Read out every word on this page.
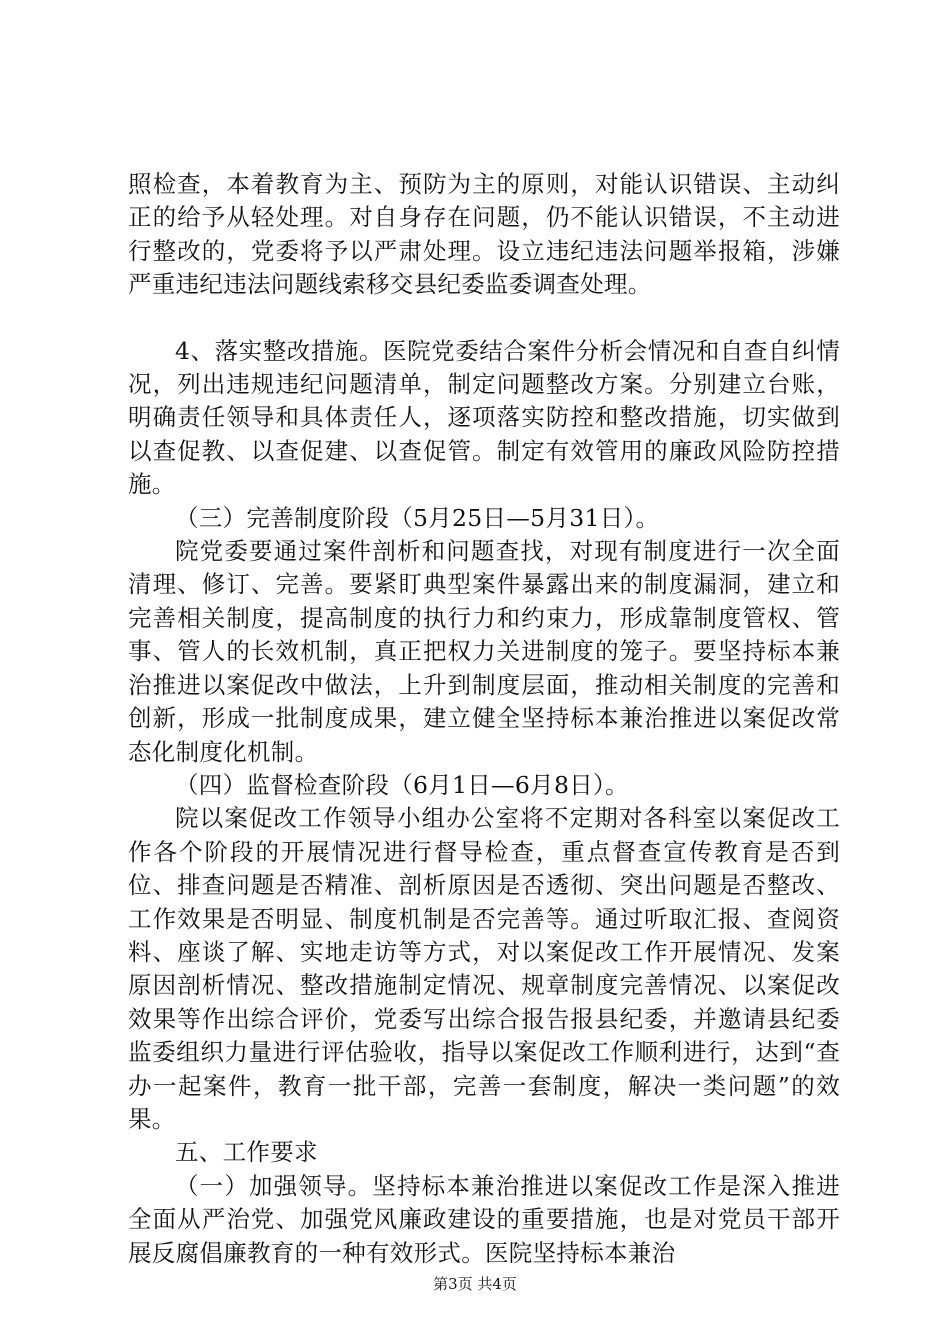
照检查，本着教育为主、预防为主的原则，对能认识错误、主动纠正的给予从轻处理。对自身存在问题，仍不能认识错误，不主动进行整改的，党委将予以严肃处理。设立违纪违法问题举报箱，涉嫌严重违纪违法问题线索移交县纪委监委调查处理。

4、落实整改措施。医院党委结合案件分析会情况和自查自纠情况，列出违规违纪问题清单，制定问题整改方案。分别建立台账，明确责任领导和具体责任人，逐项落实防控和整改措施，切实做到以查促教、以查促建、以查促管。制定有效管用的廉政风险防控措施。

（三）完善制度阶段（5月25日—5月31日）。

院党委要通过案件剖析和问题查找，对现有制度进行一次全面清理、修订、完善。要紧盯典型案件暴露出来的制度漏洞，建立和完善相关制度，提高制度的执行力和约束力，形成靠制度管权、管事、管人的长效机制，真正把权力关进制度的笼子。要坚持标本兼治推进以案促改中做法，上升到制度层面，推动相关制度的完善和创新，形成一批制度成果，建立健全坚持标本兼治推进以案促改常态化制度化机制。

（四）监督检查阶段（6月1日—6月8日）。

院以案促改工作领导小组办公室将不定期对各科室以案促改工作各个阶段的开展情况进行督导检查，重点督查宣传教育是否到位、排查问题是否精准、剖析原因是否透彻、突出问题是否整改、工作效果是否明显、制度机制是否完善等。通过听取汇报、查阅资料、座谈了解、实地走访等方式，对以案促改工作开展情况、发案原因剖析情况、整改措施制定情况、规章制度完善情况、以案促改效果等作出综合评价，党委写出综合报告报县纪委，并邀请县纪委监委组织力量进行评估验收，指导以案促改工作顺利进行，达到“查办一起案件，教育一批干部，完善一套制度，解决一类问题”的效果。

五、工作要求

（一）加强领导。坚持标本兼治推进以案促改工作是深入推进全面从严治党、加强党风廉政建设的重要措施，也是对党员干部开展反腐倡廉教育的一种有效形式。医院坚持标本兼治

第3页 共4页
